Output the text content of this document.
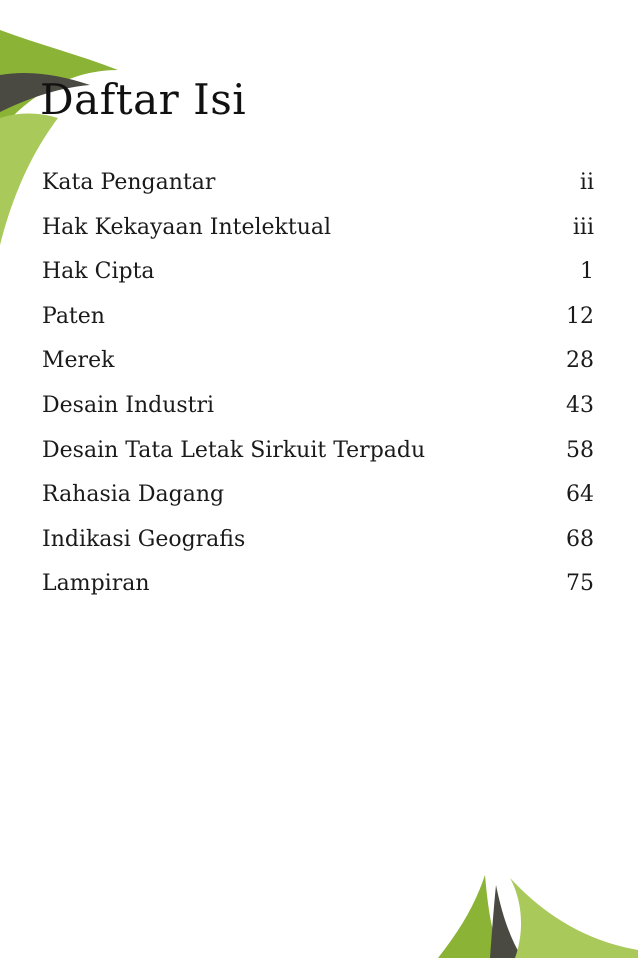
Daftar Isi
Kata Pengantar	ii
Hak Kekayaan Intelektual	iii
Hak Cipta	1
Paten	12
Merek	28
Desain Industri	43
Desain Tata Letak Sirkuit Terpadu	58
Rahasia Dagang	64
Indikasi Geografis	68
Lampiran	75
